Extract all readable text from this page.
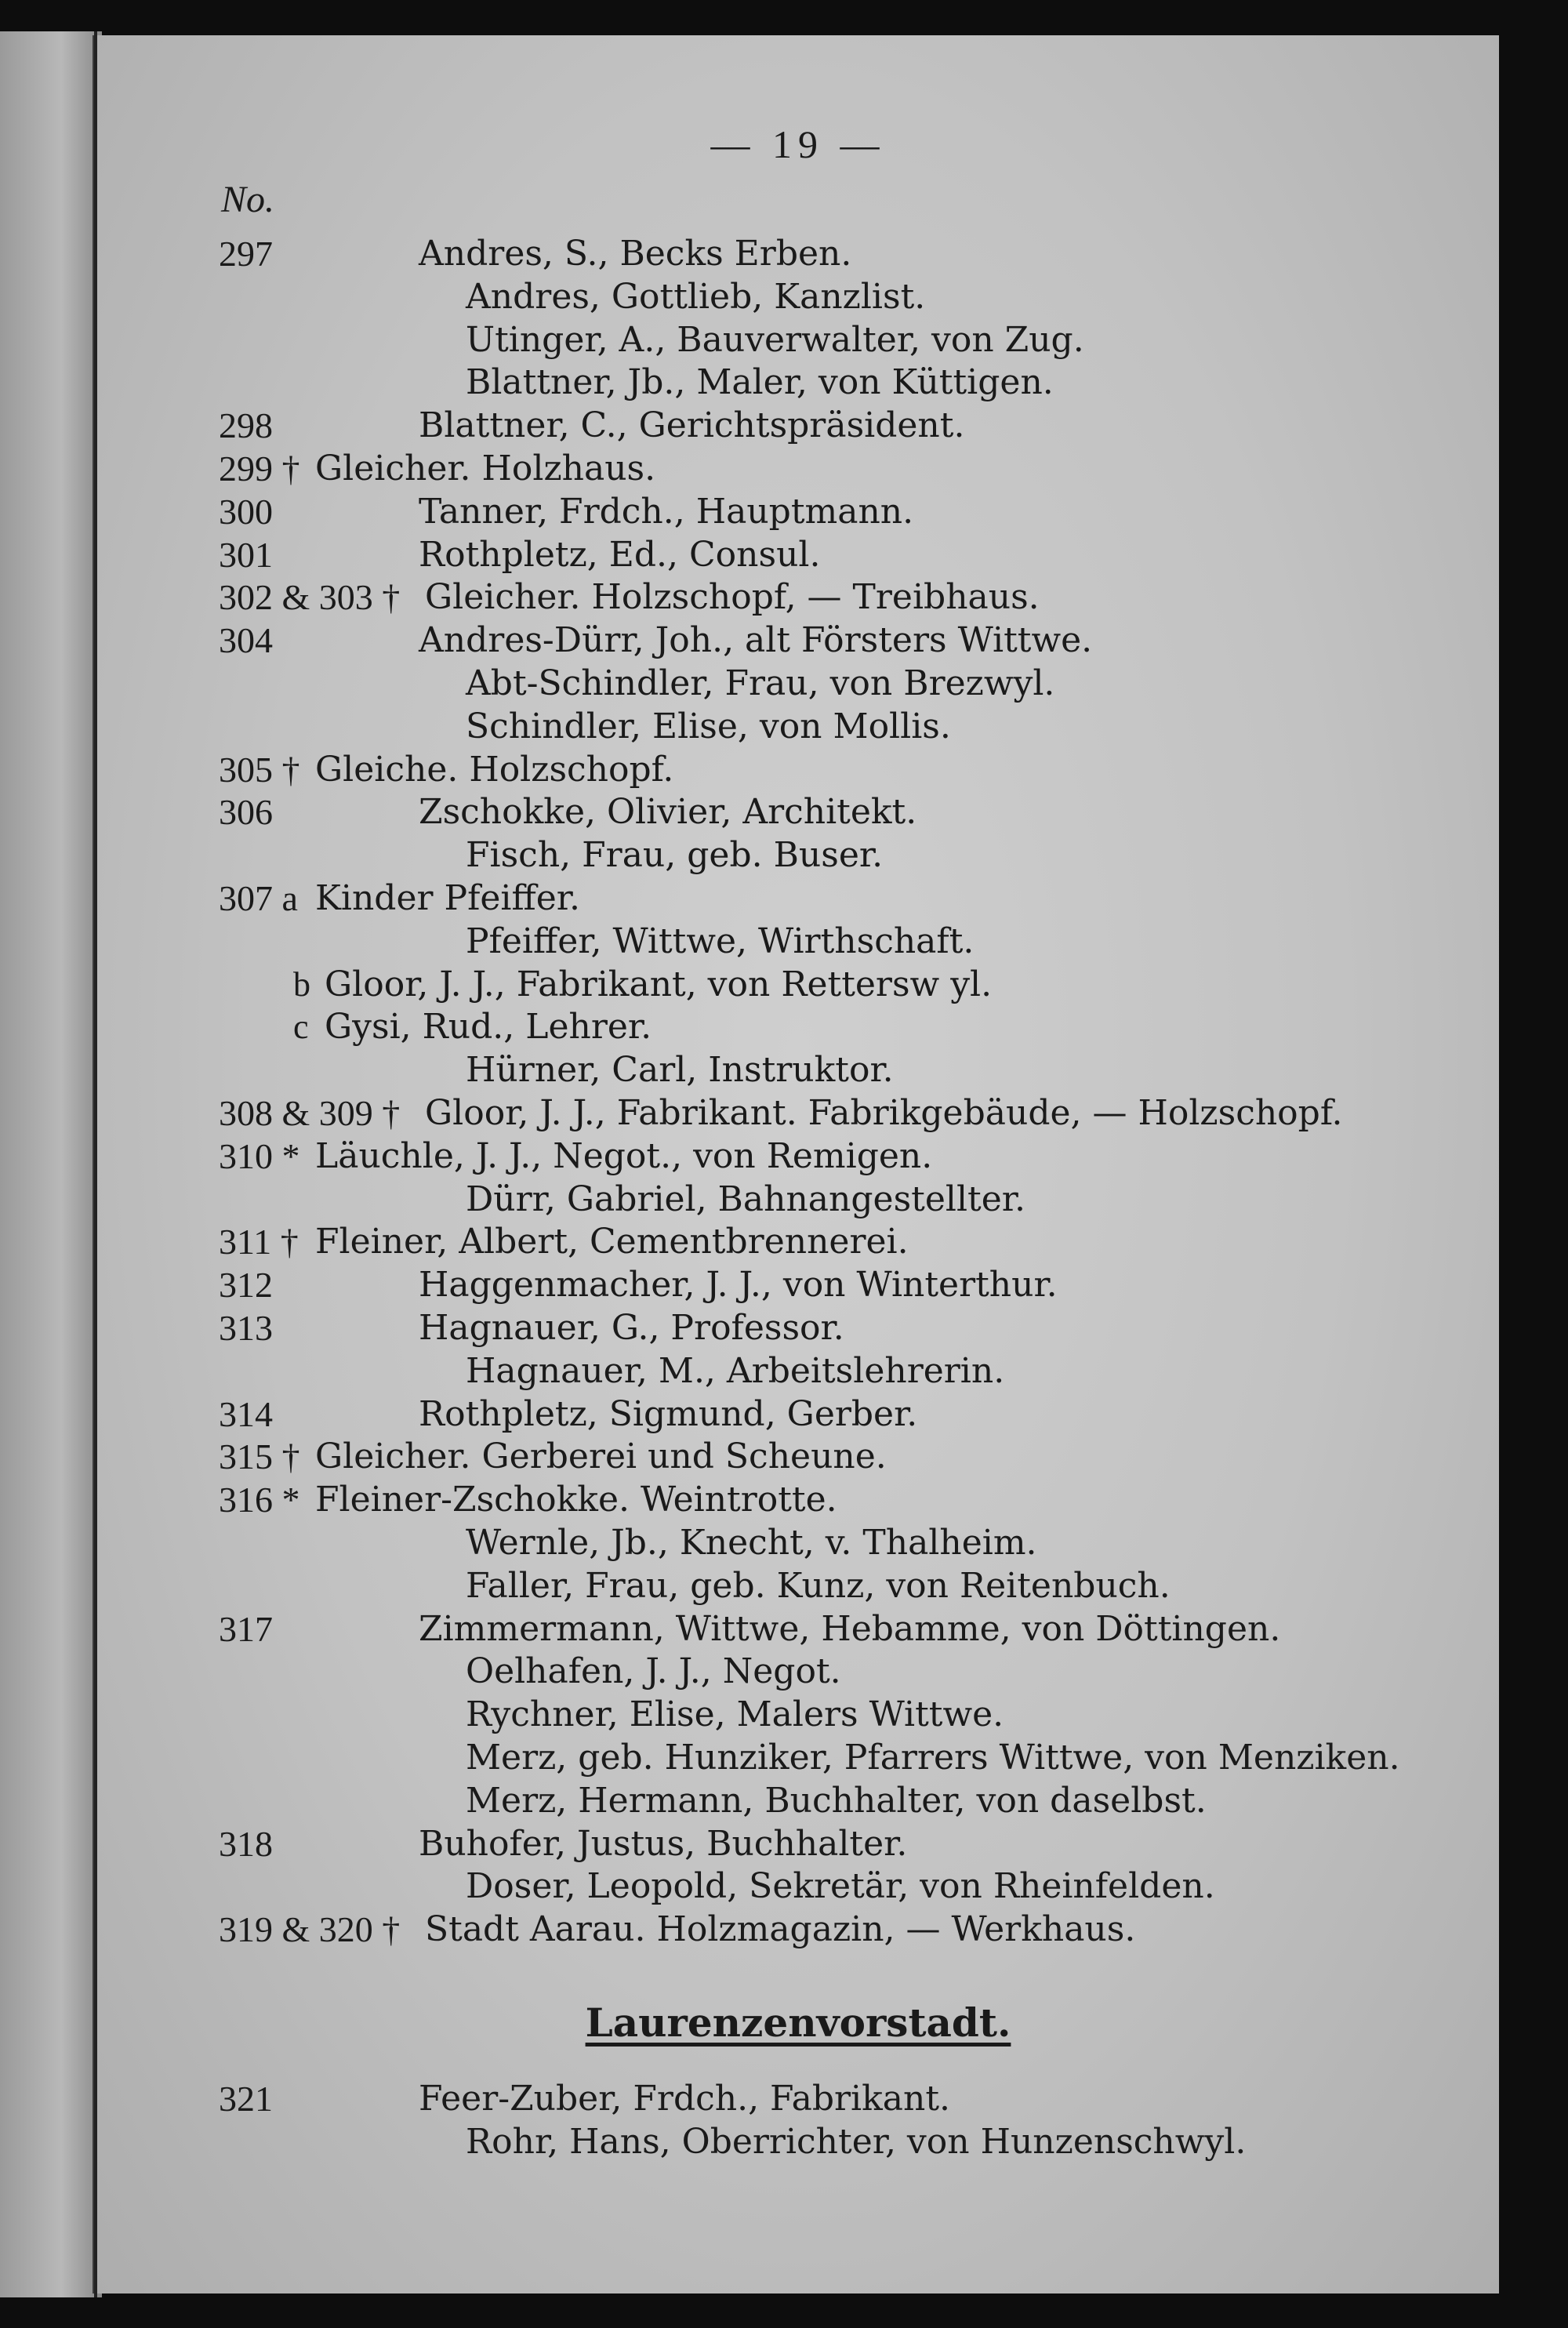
— 19 —
No.
297	Andres, S., Becks Erben.
Andres, Gottlieb, Kanzlist.
Utinger, A., Bauverwalter, von Zug.
Blattner, Jb., Maler, von Küttigen.
298	Blattner, C., Gerichtspräsident.
299 † Gleicher. Holzhaus.
300	Tanner, Frdch., Hauptmann.
301	Rothpletz, Ed., Consul.
302 & 303 † Gleicher. Holzschopf, — Treibhaus.
304	Andres-Dürr, Joh., alt Försters Wittwe.
Abt-Schindler, Frau, von Brezwyl.
Schindler, Elise, von Mollis.
305 † Gleiche. Holzschopf.
306	Zschokke, Olivier, Architekt.
Fisch, Frau, geb. Buser.
307 a Kinder Pfeiffer.
Pfeiffer, Wittwe, Wirthschaft.
b Gloor, J. J., Fabrikant, von Rettersw yl.
c Gysi, Rud., Lehrer.
Hürner, Carl, Instruktor.
308 & 309 † Gloor, J. J., Fabrikant. Fabrikgebäude, — Holzschopf.
310 * Läuchle, J. J., Negot., von Remigen.
Dürr, Gabriel, Bahnangestellter.
311 † Fleiner, Albert, Cementbrennerei.
312	Haggenmacher, J. J., von Winterthur.
313	Hagnauer, G., Professor.
Hagnauer, M., Arbeitslehrerin.
314	Rothpletz, Sigmund, Gerber.
315 † Gleicher. Gerberei und Scheune.
316 * Fleiner-Zschokke. Weintrotte.
Wernle, Jb., Knecht, v. Thalheim.
Faller, Frau, geb. Kunz, von Reitenbuch.
317	Zimmermann, Wittwe, Hebamme, von Döttingen.
Oelhafen, J. J., Negot.
Rychner, Elise, Malers Wittwe.
Merz, geb. Hunziker, Pfarrers Wittwe, von Menziken.
Merz, Hermann, Buchhalter, von daselbst.
318	Buhofer, Justus, Buchhalter.
Doser, Leopold, Sekretär, von Rheinfelden.
319 & 320 † Stadt Aarau. Holzmagazin, — Werkhaus.
Laurenzenvorstadt.
321	Feer-Zuber, Frdch., Fabrikant.
Rohr, Hans, Oberrichter, von Hunzenschwyl.
